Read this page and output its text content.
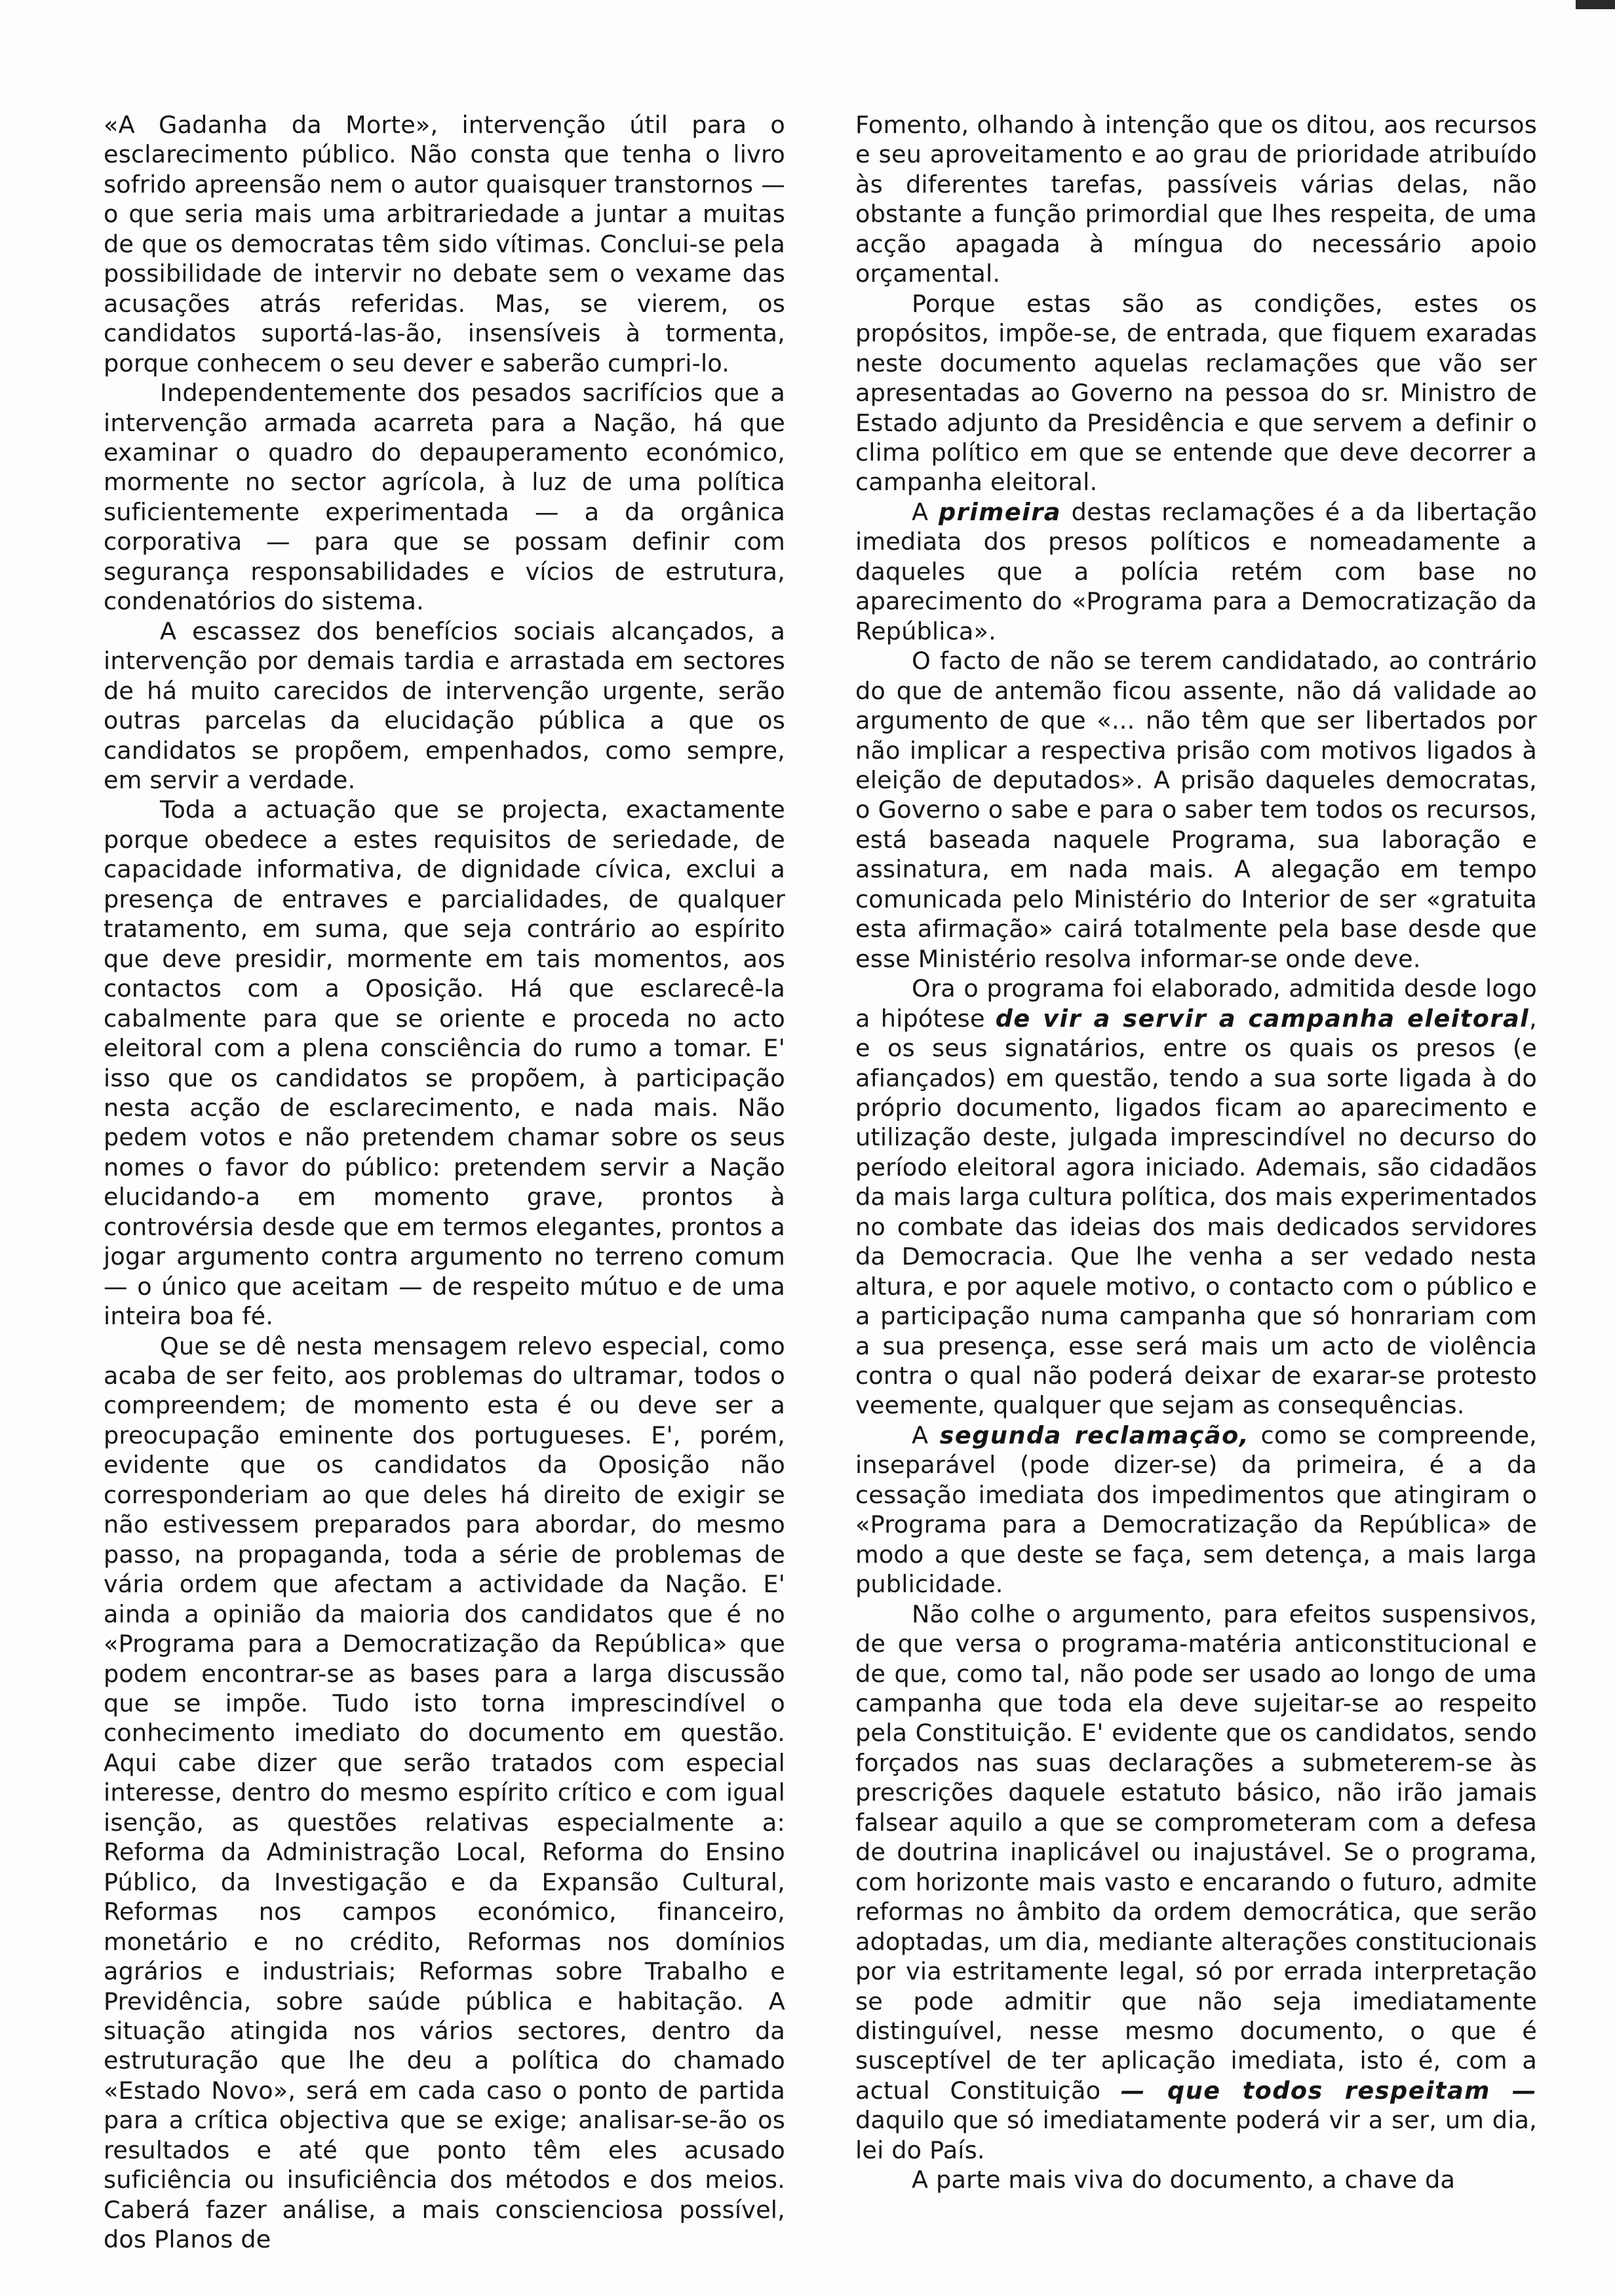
«A Gadanha da Morte», intervenção útil para o esclarecimento público. Não consta que tenha o livro sofrido apreensão nem o autor quaisquer transtornos — o que seria mais uma arbitrariedade a juntar a muitas de que os democratas têm sido vítimas. Conclui-se pela possibilidade de intervir no debate sem o vexame das acusações atrás referidas. Mas, se vierem, os candidatos suportá-las-ão, insensíveis à tormenta, porque conhecem o seu dever e saberão cumpri-lo.

Independentemente dos pesados sacrifícios que a intervenção armada acarreta para a Nação, há que examinar o quadro do depauperamento económico, mormente no sector agrícola, à luz de uma política suficientemente experimentada — a da orgânica corporativa — para que se possam definir com segurança responsabilidades e vícios de estrutura, condenatórios do sistema.

A escassez dos benefícios sociais alcançados, a intervenção por demais tardia e arrastada em sectores de há muito carecidos de intervenção urgente, serão outras parcelas da elucidação pública a que os candidatos se propõem, empenhados, como sempre, em servir a verdade.

Toda a actuação que se projecta, exactamente porque obedece a estes requisitos de seriedade, de capacidade informativa, de dignidade cívica, exclui a presença de entraves e parcialidades, de qualquer tratamento, em suma, que seja contrário ao espírito que deve presidir, mormente em tais momentos, aos contactos com a Oposição. Há que esclarecê-la cabalmente para que se oriente e proceda no acto eleitoral com a plena consciência do rumo a tomar. E' isso que os candidatos se propõem, à participação nesta acção de esclarecimento, e nada mais. Não pedem votos e não pretendem chamar sobre os seus nomes o favor do público: pretendem servir a Nação elucidando-a em momento grave, prontos à controvérsia desde que em termos elegantes, prontos a jogar argumento contra argumento no terreno comum — o único que aceitam — de respeito mútuo e de uma inteira boa fé.

Que se dê nesta mensagem relevo especial, como acaba de ser feito, aos problemas do ultramar, todos o compreendem; de momento esta é ou deve ser a preocupação eminente dos portugueses. E', porém, evidente que os candidatos da Oposição não corresponderiam ao que deles há direito de exigir se não estivessem preparados para abordar, do mesmo passo, na propaganda, toda a série de problemas de vária ordem que afectam a actividade da Nação. E' ainda a opinião da maioria dos candidatos que é no «Programa para a Democratização da República» que podem encontrar-se as bases para a larga discussão que se impõe. Tudo isto torna imprescindível o conhecimento imediato do documento em questão. Aqui cabe dizer que serão tratados com especial interesse, dentro do mesmo espírito crítico e com igual isenção, as questões relativas especialmente a: Reforma da Administração Local, Reforma do Ensino Público, da Investigação e da Expansão Cultural, Reformas nos campos económico, financeiro, monetário e no crédito, Reformas nos domínios agrários e industriais; Reformas sobre Trabalho e Previdência, sobre saúde pública e habitação. A situação atingida nos vários sectores, dentro da estruturação que lhe deu a política do chamado «Estado Novo», será em cada caso o ponto de partida para a crítica objectiva que se exige; analisar-se-ão os resultados e até que ponto têm eles acusado suficiência ou insuficiência dos métodos e dos meios. Caberá fazer análise, a mais conscienciosa possível, dos Planos de

Fomento, olhando à intenção que os ditou, aos recursos e seu aproveitamento e ao grau de prioridade atribuído às diferentes tarefas, passíveis várias delas, não obstante a função primordial que lhes respeita, de uma acção apagada à míngua do necessário apoio orçamental.

Porque estas são as condições, estes os propósitos, impõe-se, de entrada, que fiquem exaradas neste documento aquelas reclamações que vão ser apresentadas ao Governo na pessoa do sr. Ministro de Estado adjunto da Presidência e que servem a definir o clima político em que se entende que deve decorrer a campanha eleitoral.

A primeira destas reclamações é a da libertação imediata dos presos políticos e nomeadamente a daqueles que a polícia retém com base no aparecimento do «Programa para a Democratização da República».

O facto de não se terem candidatado, ao contrário do que de antemão ficou assente, não dá validade ao argumento de que «... não têm que ser libertados por não implicar a respectiva prisão com motivos ligados à eleição de deputados». A prisão daqueles democratas, o Governo o sabe e para o saber tem todos os recursos, está baseada naquele Programa, sua laboração e assinatura, em nada mais. A alegação em tempo comunicada pelo Ministério do Interior de ser «gratuita esta afirmação» cairá totalmente pela base desde que esse Ministério resolva informar-se onde deve.

Ora o programa foi elaborado, admitida desde logo a hipótese de vir a servir a campanha eleitoral, e os seus signatários, entre os quais os presos (e afiançados) em questão, tendo a sua sorte ligada à do próprio documento, ligados ficam ao aparecimento e utilização deste, julgada imprescindível no decurso do período eleitoral agora iniciado. Ademais, são cidadãos da mais larga cultura política, dos mais experimentados no combate das ideias dos mais dedicados servidores da Democracia. Que lhe venha a ser vedado nesta altura, e por aquele motivo, o contacto com o público e a participação numa campanha que só honrariam com a sua presença, esse será mais um acto de violência contra o qual não poderá deixar de exarar-se protesto veemente, qualquer que sejam as consequências.

A segunda reclamação, como se compreende, inseparável (pode dizer-se) da primeira, é a da cessação imediata dos impedimentos que atingiram o «Programa para a Democratização da República» de modo a que deste se faça, sem detença, a mais larga publicidade.

Não colhe o argumento, para efeitos suspensivos, de que versa o programa-matéria anticonstitucional e de que, como tal, não pode ser usado ao longo de uma campanha que toda ela deve sujeitar-se ao respeito pela Constituição. E' evidente que os candidatos, sendo forçados nas suas declarações a submeterem-se às prescrições daquele estatuto básico, não irão jamais falsear aquilo a que se comprometeram com a defesa de doutrina inaplicável ou inajustável. Se o programa, com horizonte mais vasto e encarando o futuro, admite reformas no âmbito da ordem democrática, que serão adoptadas, um dia, mediante alterações constitucionais por via estritamente legal, só por errada interpretação se pode admitir que não seja imediatamente distinguível, nesse mesmo documento, o que é susceptível de ter aplicação imediata, isto é, com a actual Constituição — que todos respeitam — daquilo que só imediatamente poderá vir a ser, um dia, lei do País.

A parte mais viva do documento, a chave da
